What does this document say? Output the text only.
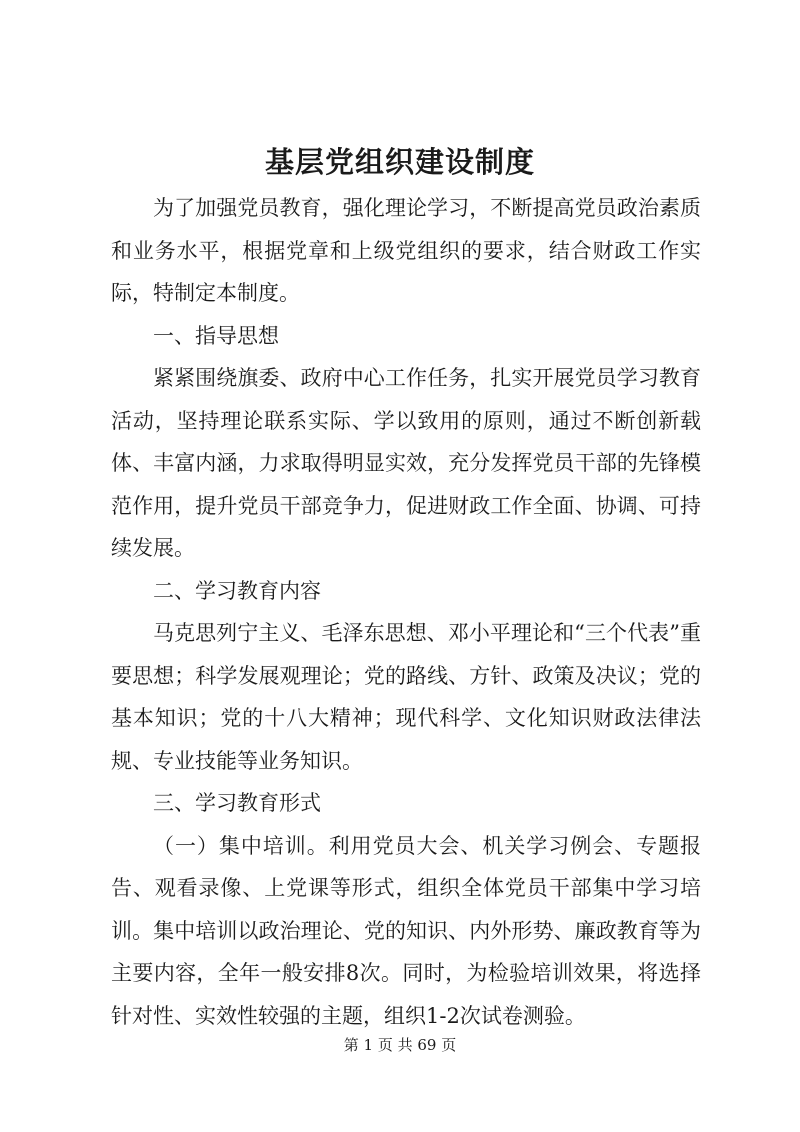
基层党组织建设制度

为了加强党员教育，强化理论学习，不断提高党员政治素质和业务水平，根据党章和上级党组织的要求，结合财政工作实际，特制定本制度。

一、指导思想

紧紧围绕旗委、政府中心工作任务，扎实开展党员学习教育活动，坚持理论联系实际、学以致用的原则，通过不断创新载体、丰富内涵，力求取得明显实效，充分发挥党员干部的先锋模范作用，提升党员干部竞争力，促进财政工作全面、协调、可持续发展。

二、学习教育内容

马克思列宁主义、毛泽东思想、邓小平理论和“三个代表”重要思想；科学发展观理论；党的路线、方针、政策及决议；党的基本知识；党的十八大精神；现代科学、文化知识财政法律法规、专业技能等业务知识。

三、学习教育形式

（一）集中培训。利用党员大会、机关学习例会、专题报告、观看录像、上党课等形式，组织全体党员干部集中学习培训。集中培训以政治理论、党的知识、内外形势、廉政教育等为主要内容，全年一般安排8次。同时，为检验培训效果，将选择针对性、实效性较强的主题，组织1-2次试卷测验。

第 1 页 共 69 页
